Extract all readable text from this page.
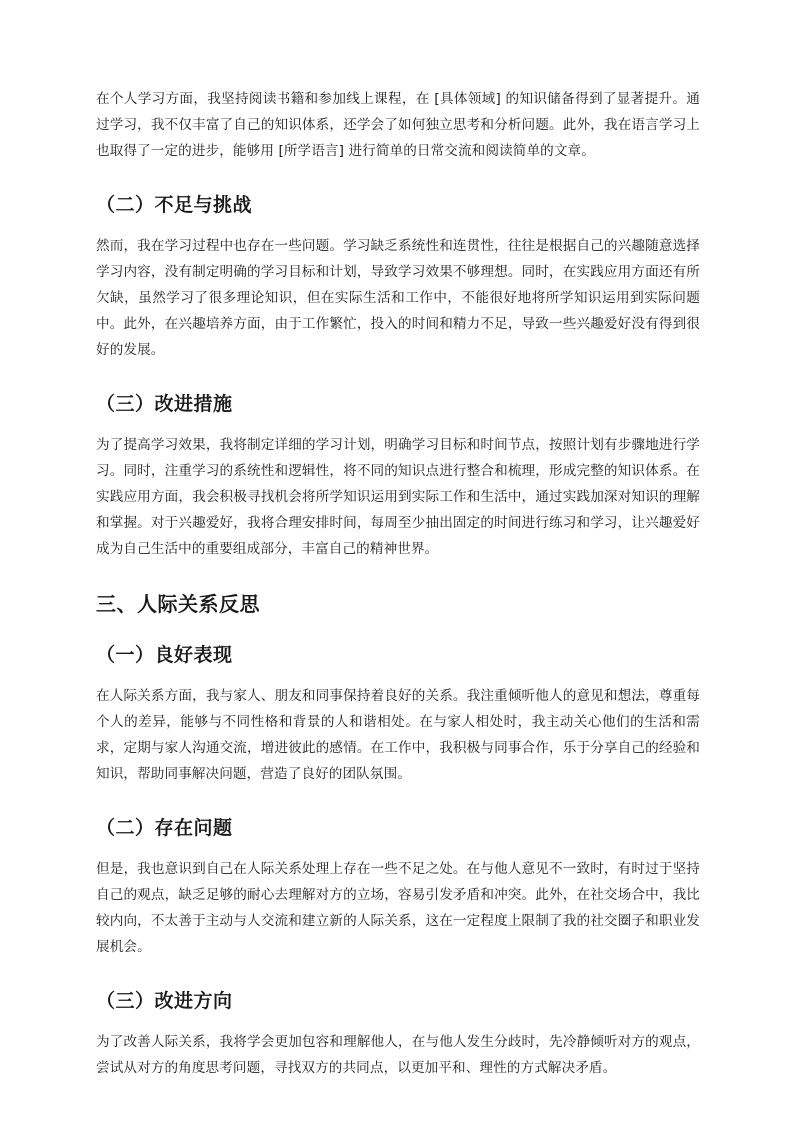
在个人学习方面，我坚持阅读书籍和参加线上课程，在 [具体领域] 的知识储备得到了显著提升。通过学习，我不仅丰富了自己的知识体系，还学会了如何独立思考和分析问题。此外，我在语言学习上也取得了一定的进步，能够用 [所学语言] 进行简单的日常交流和阅读简单的文章。

（二）不足与挑战

然而，我在学习过程中也存在一些问题。学习缺乏系统性和连贯性，往往是根据自己的兴趣随意选择学习内容，没有制定明确的学习目标和计划，导致学习效果不够理想。同时，在实践应用方面还有所欠缺，虽然学习了很多理论知识，但在实际生活和工作中，不能很好地将所学知识运用到实际问题中。此外，在兴趣培养方面，由于工作繁忙，投入的时间和精力不足，导致一些兴趣爱好没有得到很好的发展。

（三）改进措施

为了提高学习效果，我将制定详细的学习计划，明确学习目标和时间节点，按照计划有步骤地进行学习。同时，注重学习的系统性和逻辑性，将不同的知识点进行整合和梳理，形成完整的知识体系。在实践应用方面，我会积极寻找机会将所学知识运用到实际工作和生活中，通过实践加深对知识的理解和掌握。对于兴趣爱好，我将合理安排时间，每周至少抽出固定的时间进行练习和学习，让兴趣爱好成为自己生活中的重要组成部分，丰富自己的精神世界。

三、人际关系反思
（一）良好表现

在人际关系方面，我与家人、朋友和同事保持着良好的关系。我注重倾听他人的意见和想法，尊重每个人的差异，能够与不同性格和背景的人和谐相处。在与家人相处时，我主动关心他们的生活和需求，定期与家人沟通交流，增进彼此的感情。在工作中，我积极与同事合作，乐于分享自己的经验和知识，帮助同事解决问题，营造了良好的团队氛围。

（二）存在问题

但是，我也意识到自己在人际关系处理上存在一些不足之处。在与他人意见不一致时，有时过于坚持自己的观点，缺乏足够的耐心去理解对方的立场，容易引发矛盾和冲突。此外，在社交场合中，我比较内向，不太善于主动与人交流和建立新的人际关系，这在一定程度上限制了我的社交圈子和职业发展机会。

（三）改进方向

为了改善人际关系，我将学会更加包容和理解他人，在与他人发生分歧时，先冷静倾听对方的观点，尝试从对方的角度思考问题，寻找双方的共同点，以更加平和、理性的方式解决矛盾。
